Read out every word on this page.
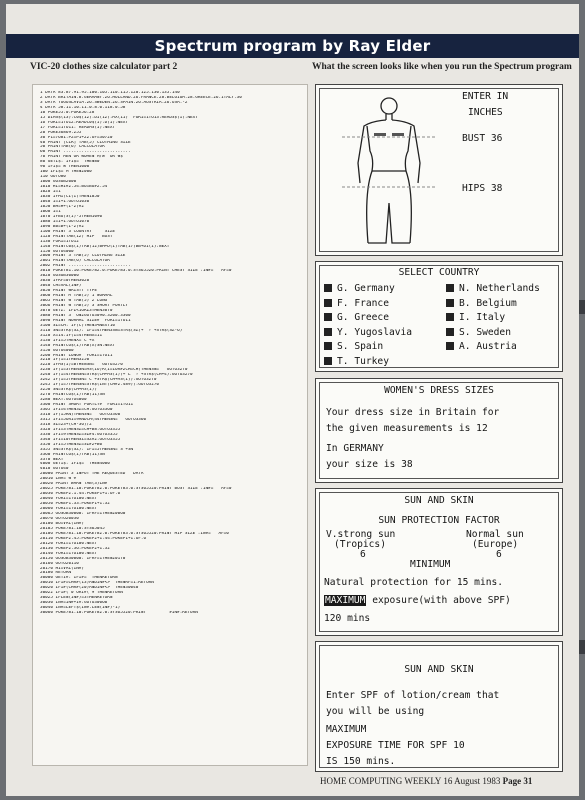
Spectrum program by Ray Elder
VIC-20 clothes size calculator part 2	What the screen looks like when you run the Spectrum program
1 DATA 83.87.91.95.100.105.110.115.120.125.130.135.140
2 DATA BRITAIN.8.GERMANY.26.HOLLAND.26.FRANCE.28.BELGIUM.28.GREECE.26.ITALY.30
3 DATA YUGOSLAVIA.26.SWEDEN.26.SPAIN.26.AUSTRIA.26.USA.-2
4 DATA 58.11.10.11.0.8.0.118.0.58
10 POKE55:0:POKE56:28
15 DIMS$(13):C0$(12):DI(12):MX(11)  FORI=1TO13:READS$(I):NEXT
16 FORI=1TO12:READC0$(I):D(I):NEXT
17 FORI=1TO11: READMS(I):NEXT
20 POKE36869.255
30 P1=7681:P2=P1+22:OF=30720
40 PRINT"[CLR]"TAB(5)"CLOTHING SIZE"
50 PRINTTAB(6)"CALCULATOR"
60 PRINT".........................."
70 PRINT"MEN OR WOMEN M/W" OR W$"
80 GETI$: IFI$=""THEN80
90 IFI$="W"THEN1000
100 IFI$="M"THEN2000
110 GOTO80
1000 GOSUB2000
1010 HI=HI#2.54:BU=BU#2.54
1020 I=1
1030 IFHI(CI(I)THEN1050
1040 I=I+1:GOTO1030
1050 BH=H+(I-2)#2
1060 I=1
1070 IFBU(S(I)-5THEN1090
1080 I=I+1:GOTO1070
1090 BB=B+(I-2)#2
1100 PRINT"3 COUNTRY     SIZE"
1120 PRINTTAB(12)"HIP   BUST"
1130 FORI=1TO12
1140 PRINTC0$(I)TAB(12)BH+D(I)TAB(17)BB+DI(I):NEXT
1150 GOTO4000
2000 PRINT"3"TAB(5)"CLOTHING SIZE"
2001 PRINTTAB(6)"CALCULATOR"
2002 PRINT"........................"
3010 POKE781.10:POKE782.0:POKE783.0:SYS65520:PRINT"CHEST SIZE":IN#="" AF=0
3020 GOSUB30000
3030 IFRF=0THEN3020
3040 CH=VAL(IN#)
3050 PRINT"WAISTT TYPE"
3060 PRINT"M"TAB(5)"1 NORMAL"
3065 PRINT"W"TAB(5)"2 LONG"
3066 PRINT"W"TAB(5)"3 SHORT PORTLY"
3070 GETZ: IFZ<1ORZ3THEN3070
3080 PRINT"3" ON2GOTO3090.3200.3300
3090 PRINT"NORMAL SIZE#" FORI=1TO11
3100 SZ=CH: IF(C)THEN3%NEXT10
3110 SN=STR$(SZ): IFI=4THEN3SN=STR$(SZ)+" ?"+STR$(SZ-6)
3120 X=14:IF(I=4THENX=11
3130 IFI=5THENX="C"+X
3140 PRINTCO$(I)TAB(X)SN:NEXT
3150 GOTO4000
3200 PRINT"LONG#" FORI=1TO11
3210 IF(I=1THEN3250
3220 IFMS(I)=BTHENSN="" GOTO3270
3230 IF(I=3THENSN=MS(IO)R(I=1OR#2CH=CH)THENSN="" GOTO3270
3240 IF(I=4THENSN=STR$(CH+MS(I))+"L  ?"+STR$(CH+4):GOTO3270
3242 IF(I=5THENSN="C"+STR$(CH+MS(I)):GOTO3270
3245 IF(I=7THENSN=STR$(INT(CH#2.489)):GOTO3270
3250 SN=STR$(CH+MS(I))
3270 PRINTCO$(I)TAB(11)SN
3280 NEXT:GOTO4000
3300 PRINT"SHORT PORTLY#" FORI=1TO11
3305 IFI=4THEN3Z=CH:GOTO3360
3310 IF(I5RN)THENSN="" GOTO3360
3315 IFI=5ORI=9ANDCH(44THENSN="" GOTO3360
3318 SZ=23+(CH-36)/2
3320 IFI=3THENSZ=CH+B8:GOTO3355
3330 IFI=9THENSZ=SZ#4:GOTO3355
3340 IFI=10THENSZ=SZ#2:GOTO3355
3350 IFI=5THENSZ=SZ#2+B0
3355 SN=STR$(SZ): IFI=5THENSN="S"+SN
3360 PRINTCO$(I)TAB(11)SN
3370 NEXT
4000 GETI$: IFI$=""THEN4000
4010 GOTO40
20000 PRINT"3 INPUT THE REQUESTED   DATA"
20010 LN#="W # "
20020 PRINT"WARN"TAB(3)LN#
20025 POKE781.10:POKE782.0:POKE783.0:SYS65520:PRINT"BUST SIZE":IN#="" AF=0
20030 POKEP2.1.44:POKEP1+1:OF.6
20040 FORI=1TO100:NEXT
20050 POKEP1.33:POKEP1+1:32
20060 FORI=1TO100:NEXT
20065 GOSUB30000: IFRF=1THEN20060
20070 GOTO20030
20100 BU=VAL(IN#)
20105 POKE781.10:SYS65045
20106 POKE781.10:POKE782.0:POKE783.0:SYS65520:PRINT"HIP SIZE":IN#="" AF=0
20110 POKEP2.45:POKEP2+1:44:POKEP1+1:OF.6
20120 FORI=1TO100:NEXT
20130 POKEP2.36:POKEP2+1.32
20140 FORI=1TO100:NEXT
20150 GOSUB30000: IFRF=1THEN20170
20160 GOTO20110
20170 HI=VAL(IN#)
20180 RETURN
30000 GETI#: IFI#=""THENRETURN
30010 IFI#=CHR#(13)ANDIN#<>""THENRF=1:RETURN
30020 IFI#(CHR#(20)ANDIN#<>""THEN30040
30022 IFI#("0"ORI#("9"THENRETURN
30025 IFLEN(IN#)=3THENRETURN
30030 IN#=IN#+I#:GOTO30060
30040 IN#=LEFT$(IN#.LEN(IN#)-1)
30060 POKE781.10:POKE782.0:SYS65520:PRINT"       "#IN#:RETURN
ENTER IN
INCHES
BUST 36
HIPS 38
SELECT COUNTRY
G. Germany
F. France
G. Greece
Y. Yugoslavia
S. Spain
T. Turkey
N. Netherlands
B. Belgium
I. Italy
S. Sweden
A. Austria
WOMEN'S DRESS SIZES
Your dress size in Britain for
the given measurements is 12
In GERMANY
your size is 38
SUN AND SKIN
SUN PROTECTION FACTOR
V.strong sun
(Tropics)
6
Normal sun
(Europe)
6
MINIMUM
Natural protection for 15 mins.
MAXIMUM exposure(with above SPF)
120 mins
SUN AND SKIN
Enter SPF of lotion/cream that
you will be using
MAXIMUM
EXPOSURE TIME FOR SPF 10
IS 150 mins.
HOME COMPUTING WEEKLY 16 August 1983 Page 31
